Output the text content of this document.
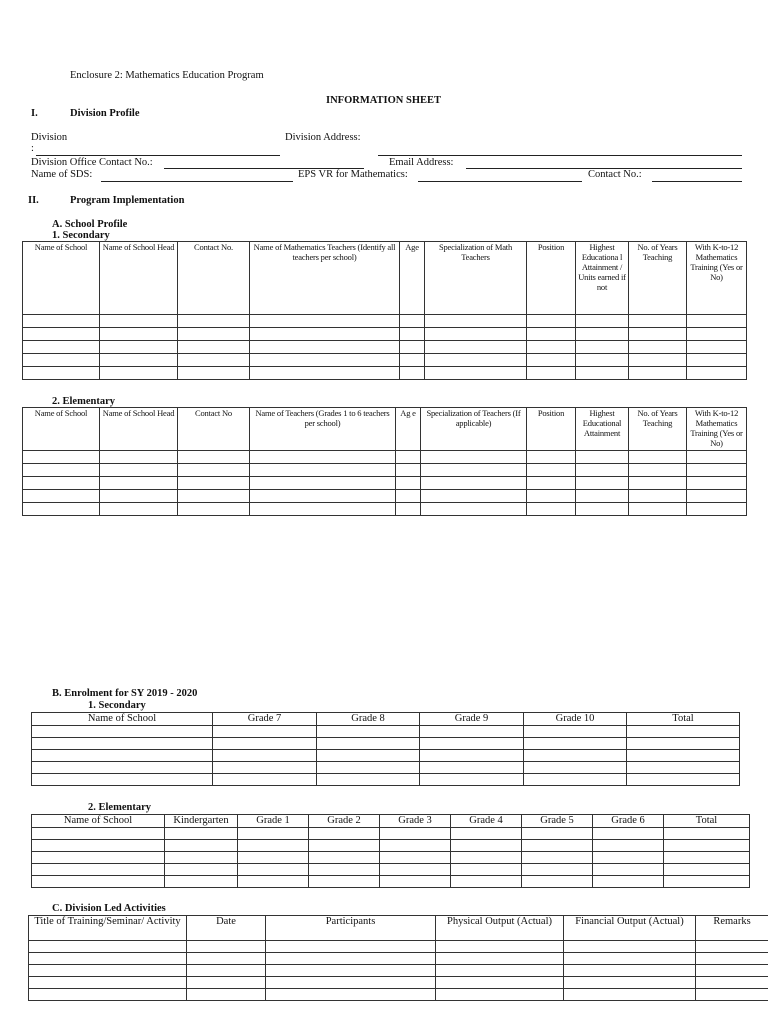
Enclosure 2: Mathematics Education Program
INFORMATION SHEET
I.	Division Profile
Division
:
Division Address:
Division Office Contact No.:	Email Address:
Name of SDS:	EPS VR for Mathematics:	Contact No.:
II.	Program Implementation
A. School Profile
1. Secondary
Name of School	Name of School Head	Contact No.	Name of Mathematics Teachers (Identify all teachers per school)	Age	Specialization of Math Teachers	Position	Highest Educationa l Attainment / Units earned if not	No. of Years Teaching	With K-to-12 Mathematics Training (Yes or No)

2. Elementary
Name of School	Name of School Head	Contact No	Name of Teachers (Grades 1 to 6 teachers per school)	Ag e	Specialization of Teachers (If applicable)	Position	Highest Educational Attainment	No. of Years Teaching	With K-to-12 Mathematics Training (Yes or No)

B. Enrolment for SY 2019 - 2020
1. Secondary
Name of School	Grade 7	Grade 8	Grade 9	Grade 10	Total

2. Elementary
Name of School	Kindergarten	Grade 1	Grade 2	Grade 3	Grade 4	Grade 5	Grade 6	Total

C. Division Led Activities
Title of Training/Seminar/ Activity	Date	Participants	Physical Output (Actual)	Financial Output (Actual)	Remarks
